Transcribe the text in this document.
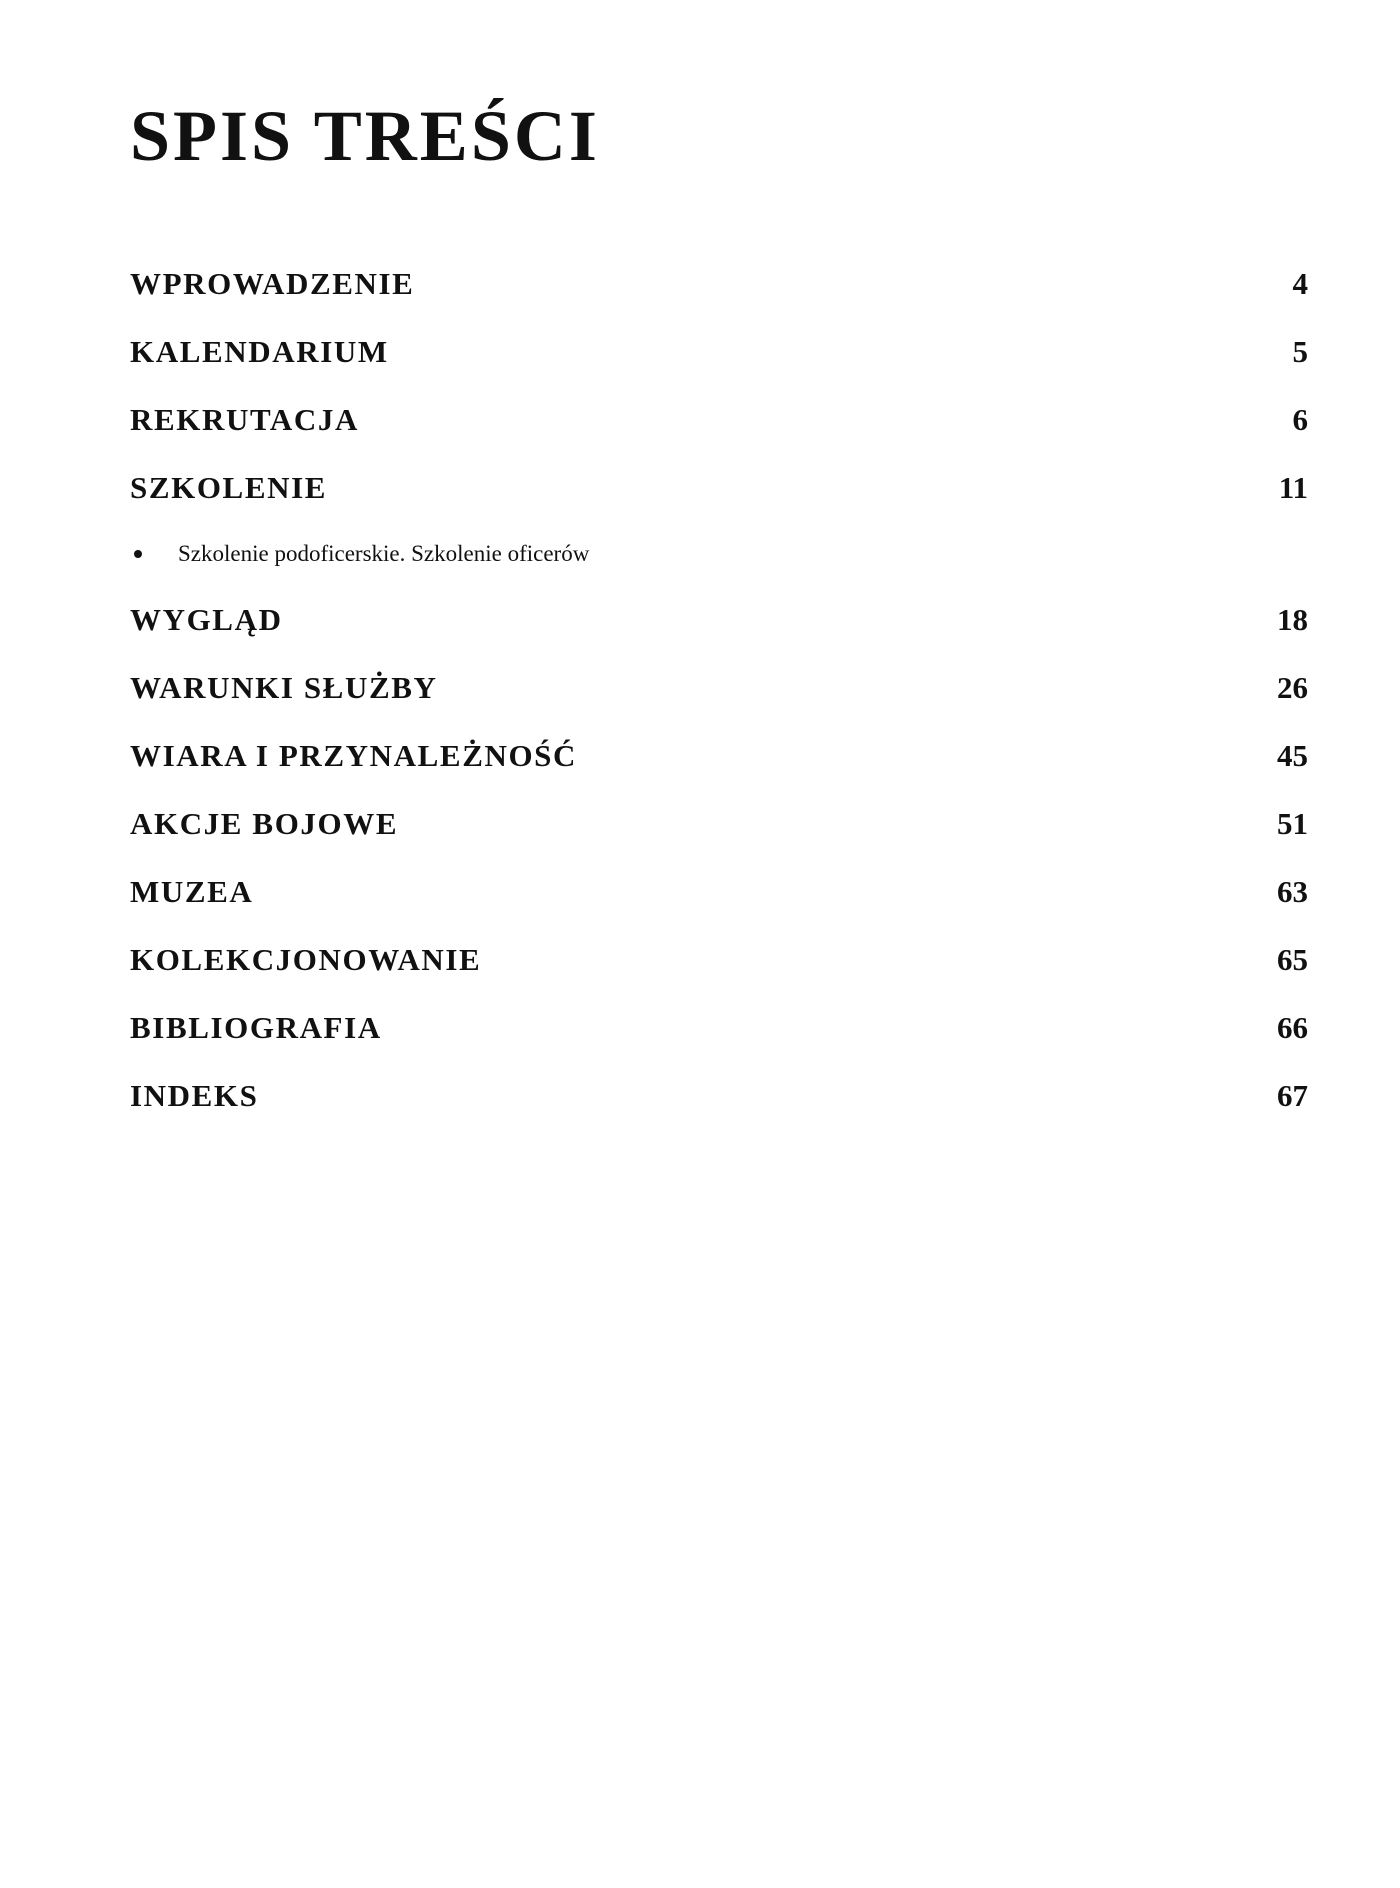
SPIS TREŚCI
WPROWADZENIE	4
KALENDARIUM	5
REKRUTACJA	6
SZKOLENIE	11
Szkolenie podoficerskie. Szkolenie oficerów
WYGLĄD	18
WARUNKI SŁUŻBY	26
WIARA I PRZYNALEŻNOŚĆ	45
AKCJE BOJOWE	51
MUZEA	63
KOLEKCJONOWANIE	65
BIBLIOGRAFIA	66
INDEKS	67
